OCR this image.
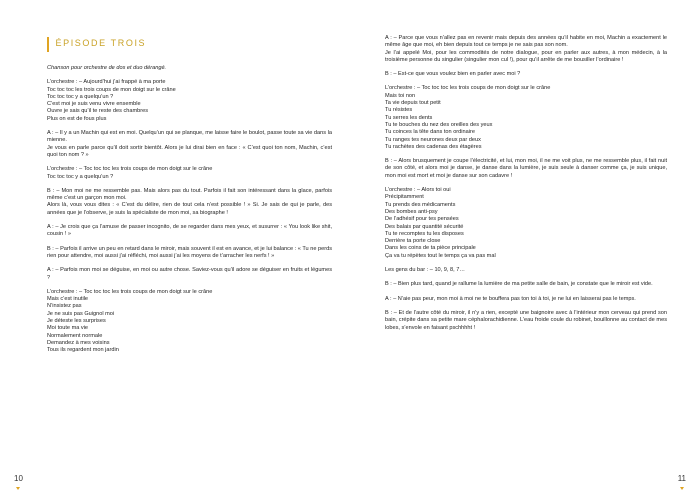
ÉPISODE TROIS
Chanson pour orchestre de dos et duo dérangé.
L’orchestre : – Aujourd’hui j’ai frappé à ma porte
Toc toc toc les trois coups de mon doigt sur le crâne
Toc toc toc y a quelqu’un ?
C’est moi je suis venu vivre ensemble
Ouvre je sais qu’il te reste des chambres
Plus on est de fous plus
A : – Il y a un Machin qui est en moi. Quelqu’un qui se planque, me laisse faire le boulot, passe toute sa vie dans la mienne.
Je vous en parle parce qu’il doit sortir bientôt. Alors je lui dirai bien en face : « C’est quoi ton nom, Machin, c’est quoi ton nom ? »
L’orchestre : – Toc toc toc les trois coups de mon doigt sur le crâne
Toc toc toc y a quelqu’un ?
B : – Mon moi ne me ressemble pas. Mais alors pas du tout. Parfois il fait son intéressant dans la glace, parfois même c’est un garçon mon moi.
Alors là, vous vous dites : « C’est du délire, rien de tout cela n’est possible ! » Si. Je sais de qui je parle, des années que je l’observe, je suis la spécialiste de mon moi, sa biographe !
A : – Je crois que ça l’amuse de passer incognito, de se regarder dans mes yeux, et susurrer : « You look like shit, cousin ! »
B : – Parfois il arrive un peu en retard dans le miroir, mais souvent il est en avance, et je lui balance : « Tu ne perds rien pour attendre, moi aussi j’ai réfléchi, moi aussi j’ai les moyens de t’arracher les nerfs ! »
A : – Parfois mon moi se déguise, en moi ou autre chose. Saviez-vous qu’il adore se déguiser en fruits et légumes ?
L’orchestre : – Toc toc toc les trois coups de mon doigt sur le crâne
Mais c’est inutile
N’insistez pas
Je ne suis pas Guignol moi
Je déteste les surprises
Moi toute ma vie
Normalement normale
Demandez à mes voisins
Tous ils regardent mon jardin
10
A : – Parce que vous n’allez pas en revenir mais depuis des années qu’il habite en moi, Machin a exactement le même âge que moi, eh bien depuis tout ce temps je ne sais pas son nom.
Je l’ai appelé Moi, pour les commodités de notre dialogue, pour en parler aux autres, à mon médecin, à la troisième personne du singulier (singulier mon cul !), pour qu’il arrête de me bousiller l’ordinaire !
B : – Est-ce que vous voulez bien en parler avec moi ?
L’orchestre : – Toc toc toc les trois coups de mon doigt sur le crâne
Mais toi non
Ta vie depuis tout petit
Tu résistes
Tu serres les dents
Tu te bouches du nez des oreilles des yeux
Tu coinces la tête dans ton ordinaire
Tu ranges tes neurones deux par deux
Tu rachètes des cadenas des étagères
B : – Alors brusquement je coupe l’électricité, et lui, mon moi, il ne me voit plus, ne me ressemble plus, il fait nuit de son côté, et alors moi je danse, je danse dans la lumière, je suis seule à danser comme ça, je suis unique, mon moi est mort et moi je danse sur son cadavre !
L’orchestre : – Alors toi oui
Précipitamment
Tu prends des médicaments
Des bombes anti-psy
De l’adhésif pour tes pensées
Des balais par quantité sécurité
Tu te recomptes tu les disposes
Derrière ta porte close
Dans les coins de ta pièce principale
Ça va tu répètes tout le temps ça va pas mal
Les gens du bar : – 10, 9, 8, 7…
B : – Bien plus tard, quand je rallume la lumière de ma petite salle de bain, je constate que le miroir est vide.
A : – N’aie pas peur, mon moi à moi ne te bouffera pas ton toi à toi, je ne lui en laisserai pas le temps.
B : – Et de l’autre côté du miroir, il n’y a rien, excepté une baignoire avec à l’intérieur mon cerveau qui prend son bain, crépite dans sa petite mare céphalorachidienne. L’eau froide coule du robinet, bouillonne au contact de mes lobes, s’envole en faisant pschhhht !
11
